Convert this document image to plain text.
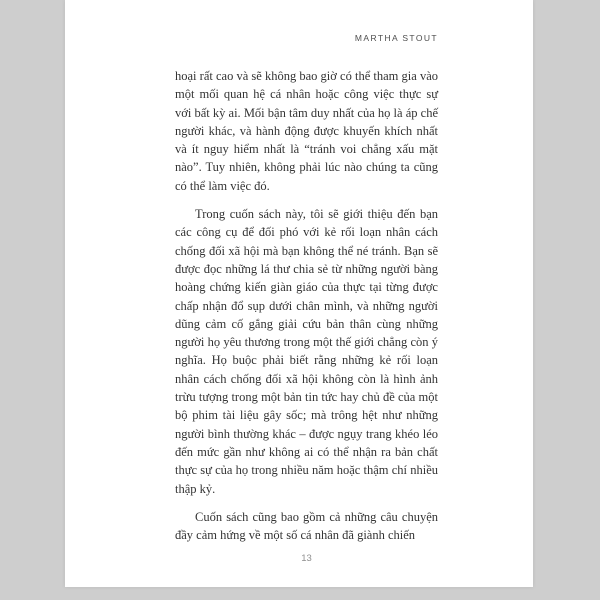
MARTHA STOUT

hoại rất cao và sẽ không bao giờ có thể tham gia vào một mối quan hệ cá nhân hoặc công việc thực sự với bất kỳ ai. Mối bận tâm duy nhất của họ là áp chế người khác, và hành động được khuyến khích nhất và ít nguy hiểm nhất là “tránh voi chẳng xấu mặt nào”. Tuy nhiên, không phải lúc nào chúng ta cũng có thể làm việc đó.

Trong cuốn sách này, tôi sẽ giới thiệu đến bạn các công cụ để đối phó với kẻ rối loạn nhân cách chống đối xã hội mà bạn không thể né tránh. Bạn sẽ được đọc những lá thư chia sẻ từ những người bàng hoàng chứng kiến giàn giáo của thực tại từng được chấp nhận đổ sụp dưới chân mình, và những người dũng cảm cố gắng giải cứu bản thân cùng những người họ yêu thương trong một thế giới chẳng còn ý nghĩa. Họ buộc phải biết rằng những kẻ rối loạn nhân cách chống đối xã hội không còn là hình ảnh trừu tượng trong một bản tin tức hay chủ đề của một bộ phim tài liệu gây sốc; mà trông hệt như những người bình thường khác – được ngụy trang khéo léo đến mức gần như không ai có thể nhận ra bản chất thực sự của họ trong nhiều năm hoặc thậm chí nhiều thập kỷ.

Cuốn sách cũng bao gồm cả những câu chuyện đầy cảm hứng về một số cá nhân đã giành chiến

13
